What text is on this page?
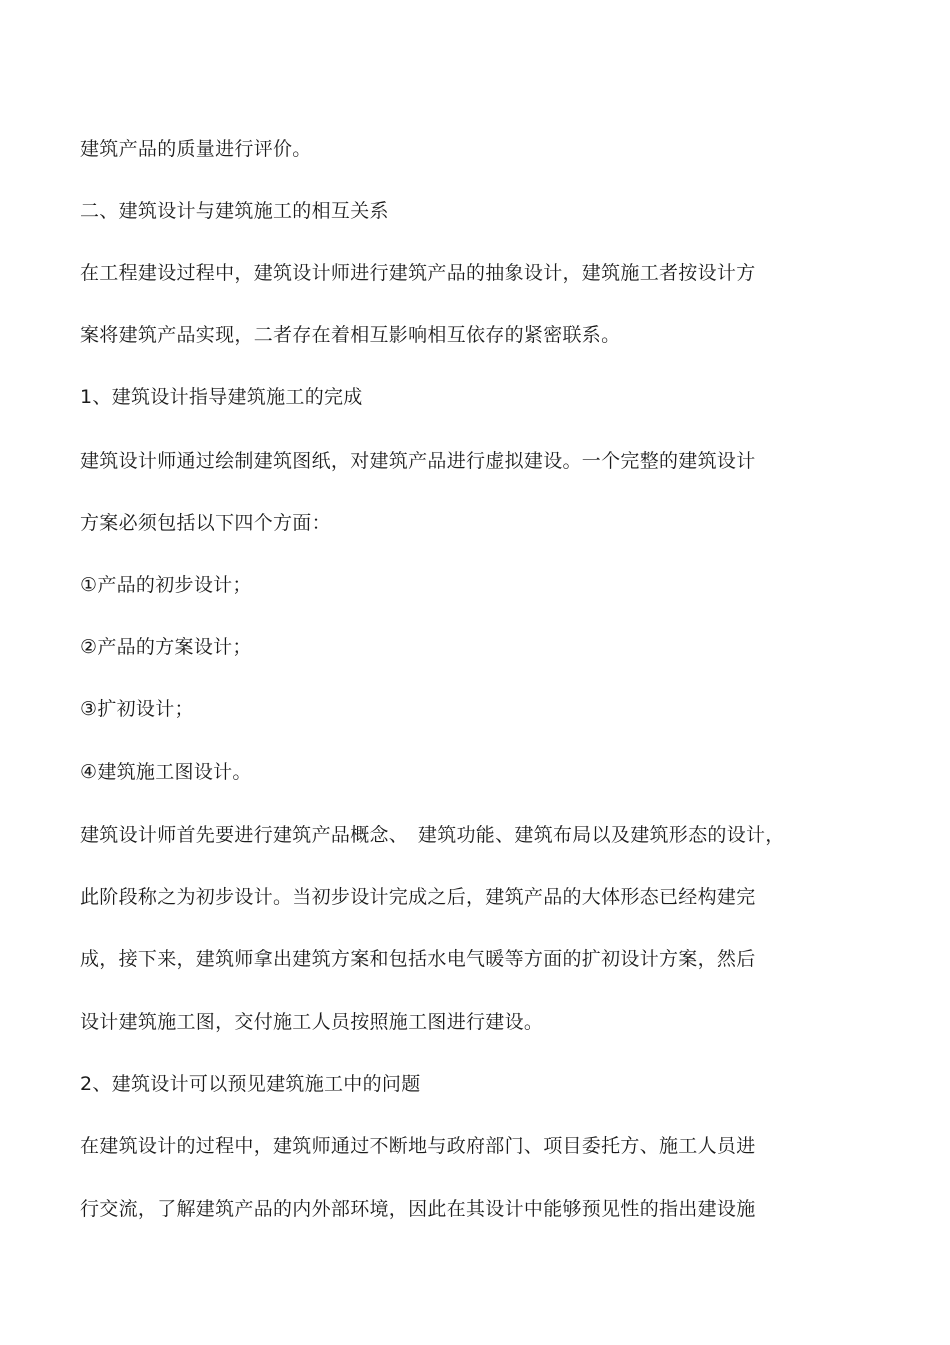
建筑产品的质量进行评价。
二、建筑设计与建筑施工的相互关系
在工程建设过程中，建筑设计师进行建筑产品的抽象设计，建筑施工者按设计方
案将建筑产品实现，二者存在着相互影响相互依存的紧密联系。
1、建筑设计指导建筑施工的完成
建筑设计师通过绘制建筑图纸，对建筑产品进行虚拟建设。一个完整的建筑设计
方案必须包括以下四个方面：
①产品的初步设计；
②产品的方案设计；
③扩初设计；
④建筑施工图设计。
建筑设计师首先要进行建筑产品概念、　建筑功能、建筑布局以及建筑形态的设计，
此阶段称之为初步设计。当初步设计完成之后，建筑产品的大体形态已经构建完
成，接下来，建筑师拿出建筑方案和包括水电气暖等方面的扩初设计方案，然后
设计建筑施工图，交付施工人员按照施工图进行建设。
2、建筑设计可以预见建筑施工中的问题
在建筑设计的过程中，建筑师通过不断地与政府部门、项目委托方、施工人员进
行交流，了解建筑产品的内外部环境，因此在其设计中能够预见性的指出建设施
